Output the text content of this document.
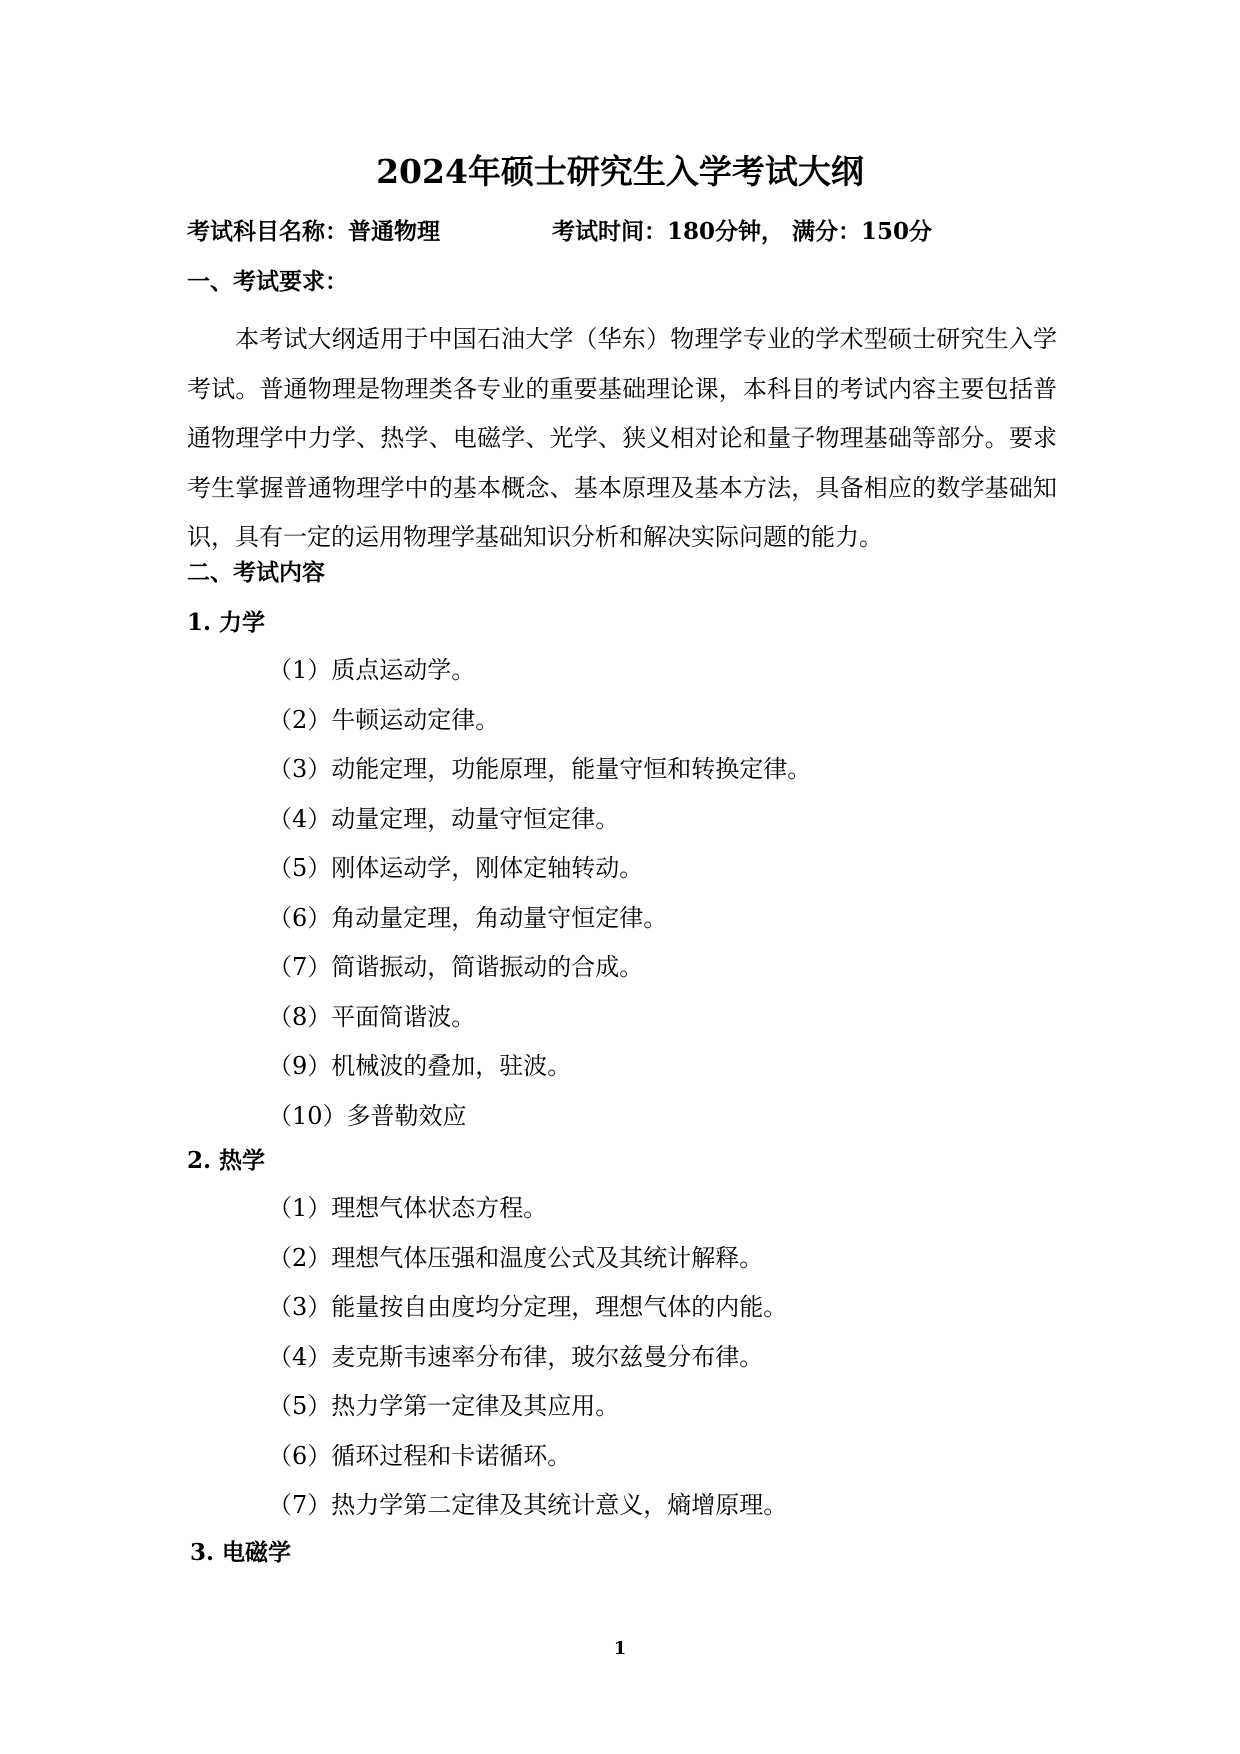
2024年硕士研究生入学考试大纲
考试科目名称：普通物理	考试时间：180分钟， 满分：150分
一、考试要求：

本考试大纲适用于中国石油大学（华东）物理学专业的学术型硕士研究生入学考试。普通物理是物理类各专业的重要基础理论课，本科目的考试内容主要包括普通物理学中力学、热学、电磁学、光学、狭义相对论和量子物理基础等部分。要求考生掌握普通物理学中的基本概念、基本原理及基本方法，具备相应的数学基础知识，具有一定的运用物理学基础知识分析和解决实际问题的能力。

二、考试内容
1. 力学
（1）质点运动学。
（2）牛顿运动定律。
（3）动能定理，功能原理，能量守恒和转换定律。
（4）动量定理，动量守恒定律。
（5）刚体运动学，刚体定轴转动。
（6）角动量定理，角动量守恒定律。
（7）简谐振动，简谐振动的合成。
（8）平面简谐波。
（9）机械波的叠加，驻波。
（10）多普勒效应
2. 热学
（1）理想气体状态方程。
（2）理想气体压强和温度公式及其统计解释。
（3）能量按自由度均分定理，理想气体的内能。
（4）麦克斯韦速率分布律，玻尔兹曼分布律。
（5）热力学第一定律及其应用。
（6）循环过程和卡诺循环。
（7）热力学第二定律及其统计意义，熵增原理。
3. 电磁学
1
